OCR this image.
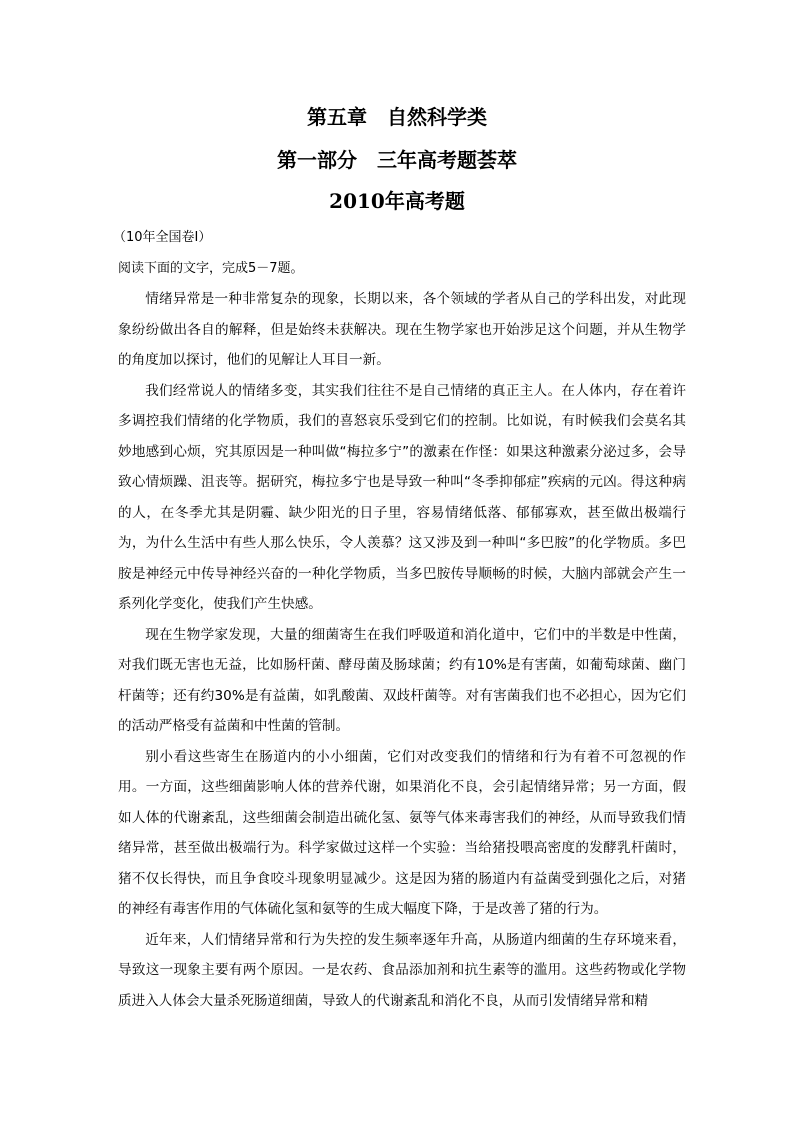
第五章　自然科学类
第一部分　三年高考题荟萃
2010年高考题
（10年全国卷Ⅰ）
阅读下面的文字，完成5－7题。

情绪异常是一种非常复杂的现象，长期以来，各个领域的学者从自己的学科出发，对此现象纷纷做出各自的解释，但是始终未获解决。现在生物学家也开始涉足这个问题，并从生物学的角度加以探讨，他们的见解让人耳目一新。

我们经常说人的情绪多变，其实我们往往不是自己情绪的真正主人。在人体内，存在着许多调控我们情绪的化学物质，我们的喜怒哀乐受到它们的控制。比如说，有时候我们会莫名其妙地感到心烦，究其原因是一种叫做“梅拉多宁”的激素在作怪：如果这种激素分泌过多，会导致心情烦躁、沮丧等。据研究，梅拉多宁也是导致一种叫“冬季抑郁症”疾病的元凶。得这种病的人，在冬季尤其是阴霾、缺少阳光的日子里，容易情绪低落、郁郁寡欢，甚至做出极端行为，为什么生活中有些人那么快乐，令人羡慕？这又涉及到一种叫“多巴胺”的化学物质。多巴胺是神经元中传导神经兴奋的一种化学物质，当多巴胺传导顺畅的时候，大脑内部就会产生一系列化学变化，使我们产生快感。

现在生物学家发现，大量的细菌寄生在我们呼吸道和消化道中，它们中的半数是中性菌，对我们既无害也无益，比如肠杆菌、酵母菌及肠球菌；约有10%是有害菌，如葡萄球菌、幽门杆菌等；还有约30%是有益菌，如乳酸菌、双歧杆菌等。对有害菌我们也不必担心，因为它们的活动严格受有益菌和中性菌的管制。

别小看这些寄生在肠道内的小小细菌，它们对改变我们的情绪和行为有着不可忽视的作用。一方面，这些细菌影响人体的营养代谢，如果消化不良，会引起情绪异常；另一方面，假如人体的代谢紊乱，这些细菌会制造出硫化氢、氨等气体来毒害我们的神经，从而导致我们情绪异常，甚至做出极端行为。科学家做过这样一个实验：当给猪投喂高密度的发酵乳杆菌时，猪不仅长得快，而且争食咬斗现象明显减少。这是因为猪的肠道内有益菌受到强化之后，对猪的神经有毒害作用的气体硫化氢和氨等的生成大幅度下降，于是改善了猪的行为。

近年来，人们情绪异常和行为失控的发生频率逐年升高，从肠道内细菌的生存环境来看，导致这一现象主要有两个原因。一是农药、食品添加剂和抗生素等的滥用。这些药物或化学物质进入人体会大量杀死肠道细菌，导致人的代谢紊乱和消化不良，从而引发情绪异常和精
